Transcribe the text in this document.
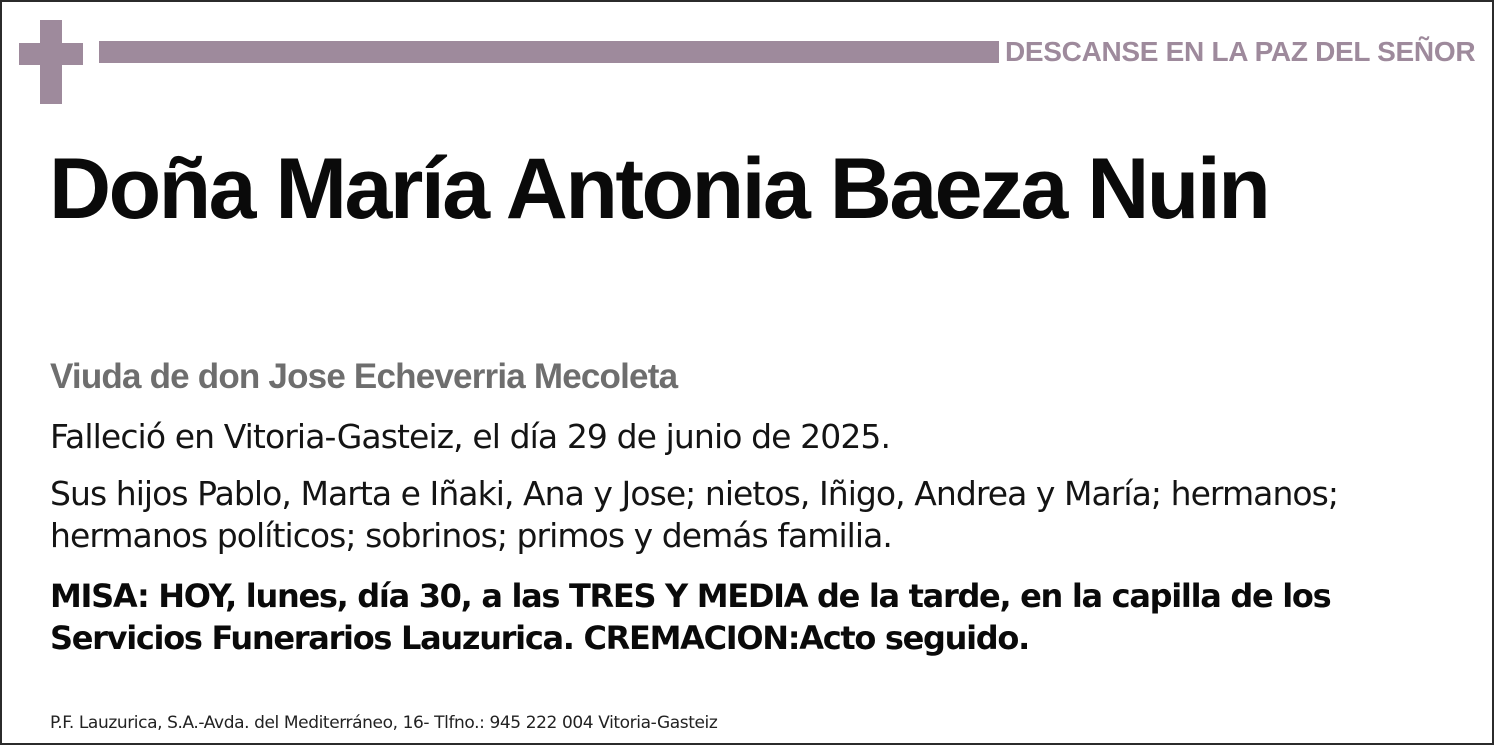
DESCANSE EN LA PAZ DEL SEÑOR
Doña María Antonia Baeza Nuin
Viuda de don Jose Echeverria Mecoleta
Falleció en Vitoria-Gasteiz, el día 29 de junio de 2025.
Sus hijos Pablo, Marta e Iñaki, Ana y Jose; nietos, Iñigo, Andrea y María; hermanos;
hermanos políticos; sobrinos; primos y demás familia.
MISA: HOY, lunes, día 30, a las TRES Y MEDIA de la tarde, en la capilla de los
Servicios Funerarios Lauzurica. CREMACION:Acto seguido.
P.F. Lauzurica, S.A.-Avda. del Mediterráneo, 16- Tlfno.: 945 222 004 Vitoria-Gasteiz
